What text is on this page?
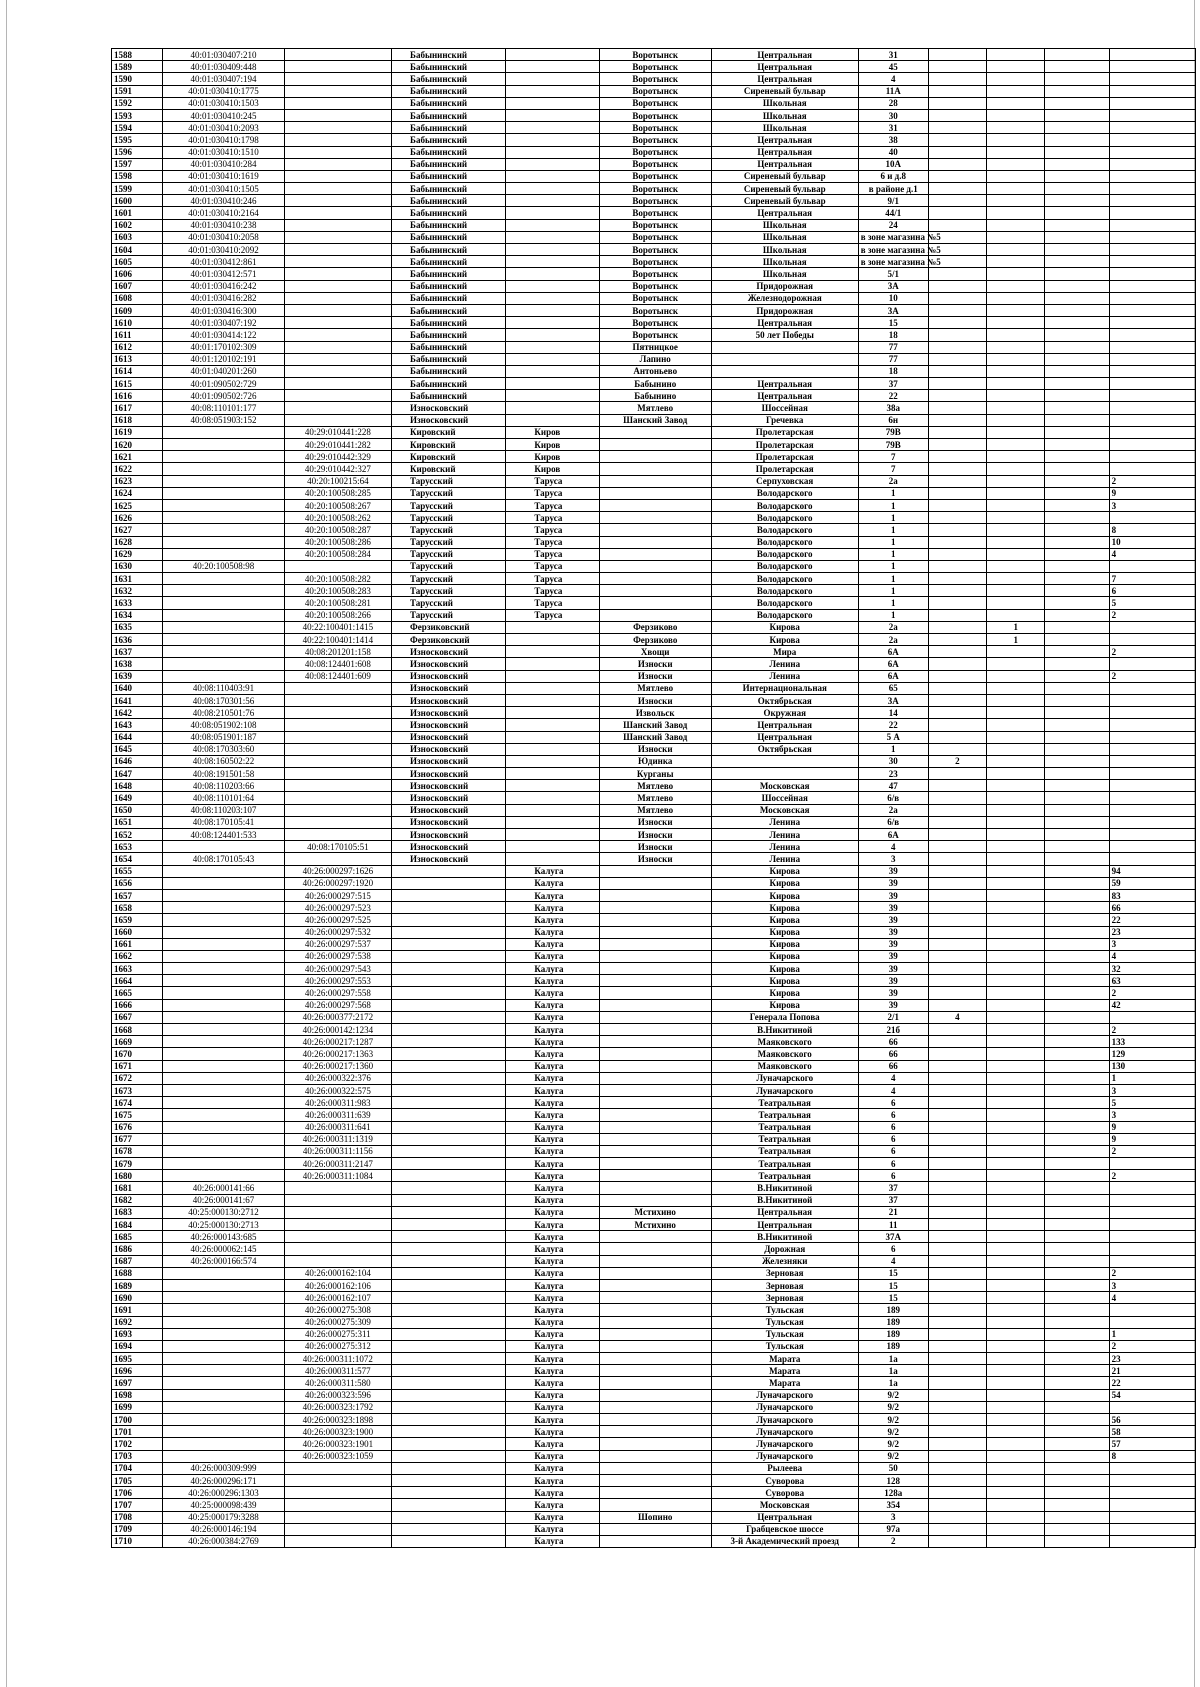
1588	40:01:030407:210		Бабынинский		Воротынск	Центральная	31				
1589	40:01:030409:448		Бабынинский		Воротынск	Центральная	45				
1590	40:01:030407:194		Бабынинский		Воротынск	Центральная	4				
1591	40:01:030410:1775		Бабынинский		Воротынск	Сиреневый бульвар	11А				
1592	40:01:030410:1503		Бабынинский		Воротынск	Школьная	28				
1593	40:01:030410:245		Бабынинский		Воротынск	Школьная	30				
1594	40:01:030410:2093		Бабынинский		Воротынск	Школьная	31				
1595	40:01:030410:1798		Бабынинский		Воротынск	Центральная	38				
1596	40:01:030410:1510		Бабынинский		Воротынск	Центральная	40				
1597	40:01:030410:284		Бабынинский		Воротынск	Центральная	10А				
1598	40:01:030410:1619		Бабынинский		Воротынск	Сиреневый бульвар	6 и д.8				
1599	40:01:030410:1505		Бабынинский		Воротынск	Сиреневый бульвар	в районе д.1				
1600	40:01:030410:246		Бабынинский		Воротынск	Сиреневый бульвар	9/1				
1601	40:01:030410:2164		Бабынинский		Воротынск	Центральная	44/1				
1602	40:01:030410:238		Бабынинский		Воротынск	Школьная	24				
1603	40:01:030410:2058		Бабынинский		Воротынск	Школьная	в зоне магазина №5				
1604	40:01:030410:2092		Бабынинский		Воротынск	Школьная	в зоне магазина №5				
1605	40:01:030412:861		Бабынинский		Воротынск	Школьная	в зоне магазина №5				
1606	40:01:030412:571		Бабынинский		Воротынск	Школьная	5/1				
1607	40:01:030416:242		Бабынинский		Воротынск	Придорожная	3А				
1608	40:01:030416:282		Бабынинский		Воротынск	Железнодорожная	10				
1609	40:01:030416:300		Бабынинский		Воротынск	Придорожная	3А				
1610	40:01:030407:192		Бабынинский		Воротынск	Центральная	15				
1611	40:01:030414:122		Бабынинский		Воротынск	50 лет Победы	18				
1612	40:01:170102:309		Бабынинский		Пятницкое		77				
1613	40:01:120102:191		Бабынинский		Лапино		77				
1614	40:01:040201:260		Бабынинский		Антоньево		18				
1615	40:01:090502:729		Бабынинский		Бабынино	Центральная	37				
1616	40:01:090502:726		Бабынинский		Бабынино	Центральная	22				
1617	40:08:110101:177		Износковский		Мятлево	Шоссейная	38а				
1618	40:08:051903:152		Износковский		Шанский Завод	Гречевка	6н				
1619		40:29:010441:228	Кировский	Киров		Пролетарская	79В				
1620		40:29:010441:282	Кировский	Киров		Пролетарская	79В				
1621		40:29:010442:329	Кировский	Киров		Пролетарская	7				
1622		40:29:010442:327	Кировский	Киров		Пролетарская	7				
1623		40:20:100215:64	Тарусский	Таруса		Серпуховская	2а				2
1624		40:20:100508:285	Тарусский	Таруса		Володарского	1				9
1625		40:20:100508:267	Тарусский	Таруса		Володарского	1				3
1626		40:20:100508:262	Тарусский	Таруса		Володарского	1				
1627		40:20:100508:287	Тарусский	Таруса		Володарского	1				8
1628		40:20:100508:286	Тарусский	Таруса		Володарского	1				10
1629		40:20:100508:284	Тарусский	Таруса		Володарского	1				4
1630	40:20:100508:98		Тарусский	Таруса		Володарского	1				
1631		40:20:100508:282	Тарусский	Таруса		Володарского	1				7
1632		40:20:100508:283	Тарусский	Таруса		Володарского	1				6
1633		40:20:100508:281	Тарусский	Таруса		Володарского	1				5
1634		40:20:100508:266	Тарусский	Таруса		Володарского	1				2
1635		40:22:100401:1415	Ферзиковский		Ферзиково	Кирова	2а		1		
1636		40:22:100401:1414	Ферзиковский		Ферзиково	Кирова	2а		1		
1637		40:08:201201:158	Износковский		Хвощи	Мира	6А				2
1638		40:08:124401:608	Износковский		Износки	Ленина	6А				
1639		40:08:124401:609	Износковский		Износки	Ленина	6А				2
1640	40:08:110403:91		Износковский		Мятлево	Интернациональная	65				
1641	40:08:170301:56		Износковский		Износки	Октябрьская	3А				
1642	40:08:210501:76		Износковский		Извольск	Окружная	14				
1643	40:08:051902:108		Износковский		Шанский Завод	Центральная	22				
1644	40:08:051901:187		Износковский		Шанский Завод	Центральная	5 А				
1645	40:08:170303:60		Износковский		Износки	Октябрьская	1				
1646	40:08:160502:22		Износковский		Юдинка		30	2			
1647	40:08:191501:58		Износковский		Курганы		23				
1648	40:08:110203:66		Износковский		Мятлево	Московская	47				
1649	40:08:110101:64		Износковский		Мятлево	Шоссейная	6/в				
1650	40:08:110203:107		Износковский		Мятлево	Московская	2а				
1651	40:08:170105:41		Износковский		Износки	Ленина	6/в				
1652	40:08:124401:533		Износковский		Износки	Ленина	6А				
1653		40:08:170105:51	Износковский		Износки	Ленина	4				
1654	40:08:170105:43		Износковский		Износки	Ленина	3				
1655		40:26:000297:1626		Калуга		Кирова	39				94
1656		40:26:000297:1920		Калуга		Кирова	39				59
1657		40:26:000297:515		Калуга		Кирова	39				83
1658		40:26:000297:523		Калуга		Кирова	39				66
1659		40:26:000297:525		Калуга		Кирова	39				22
1660		40:26:000297:532		Калуга		Кирова	39				23
1661		40:26:000297:537		Калуга		Кирова	39				3
1662		40:26:000297:538		Калуга		Кирова	39				4
1663		40:26:000297:543		Калуга		Кирова	39				32
1664		40:26:000297:553		Калуга		Кирова	39				63
1665		40:26:000297:558		Калуга		Кирова	39				2
1666		40:26:000297:568		Калуга		Кирова	39				42
1667		40:26:000377:2172		Калуга		Генерала Попова	2/1	4			
1668		40:26:000142:1234		Калуга		В.Никитиной	21б				2
1669		40:26:000217:1287		Калуга		Маяковского	66				133
1670		40:26:000217:1363		Калуга		Маяковского	66				129
1671		40:26:000217:1360		Калуга		Маяковского	66				130
1672		40:26:000322:376		Калуга		Луначарского	4				1
1673		40:26:000322:575		Калуга		Луначарского	4				3
1674		40:26:000311:983		Калуга		Театральная	6				5
1675		40:26:000311:639		Калуга		Театральная	6				3
1676		40:26:000311:641		Калуга		Театральная	6				9
1677		40:26:000311:1319		Калуга		Театральная	6				9
1678		40:26:000311:1156		Калуга		Театральная	6				2
1679		40:26:000311:2147		Калуга		Театральная	6				
1680		40:26:000311:1084		Калуга		Театральная	6				2
1681	40:26:000141:66			Калуга		В.Никитиной	37				
1682	40:26:000141:67			Калуга		В.Никитиной	37				
1683	40:25:000130:2712			Калуга	Мстихино	Центральная	21				
1684	40:25:000130:2713			Калуга	Мстихино	Центральная	11				
1685	40:26:000143:685			Калуга		В.Никитиной	37А				
1686	40:26:000062:145			Калуга		Дорожная	6				
1687	40:26:000166:574			Калуга		Железняки	4				
1688		40:26:000162:104		Калуга		Зерновая	15				2
1689		40:26:000162:106		Калуга		Зерновая	15				3
1690		40:26:000162:107		Калуга		Зерновая	15				4
1691		40:26:000275:308		Калуга		Тульская	189				
1692		40:26:000275:309		Калуга		Тульская	189				
1693		40:26:000275:311		Калуга		Тульская	189				1
1694		40:26:000275:312		Калуга		Тульская	189				2
1695		40:26:000311:1072		Калуга		Марата	1а				23
1696		40:26:000311:577		Калуга		Марата	1а				21
1697		40:26:000311:580		Калуга		Марата	1а				22
1698		40:26:000323:596		Калуга		Луначарского	9/2				54
1699		40:26:000323:1792		Калуга		Луначарского	9/2				
1700		40:26:000323:1898		Калуга		Луначарского	9/2				56
1701		40:26:000323:1900		Калуга		Луначарского	9/2				58
1702		40:26:000323:1901		Калуга		Луначарского	9/2				57
1703		40:26:000323:1059		Калуга		Луначарского	9/2				8
1704	40:26:000309:999			Калуга		Рылеева	50				
1705	40:26:000296:171			Калуга		Суворова	128				
1706	40:26:000296:1303			Калуга		Суворова	128а				
1707	40:25:000098:439			Калуга		Московская	354				
1708	40:25:000179:3288			Калуга	Шопино	Центральная	3				
1709	40:26:000146:194			Калуга		Грабцевское шоссе	97а				
1710	40:26:000384:2769			Калуга		3-й Академический проезд	2				
